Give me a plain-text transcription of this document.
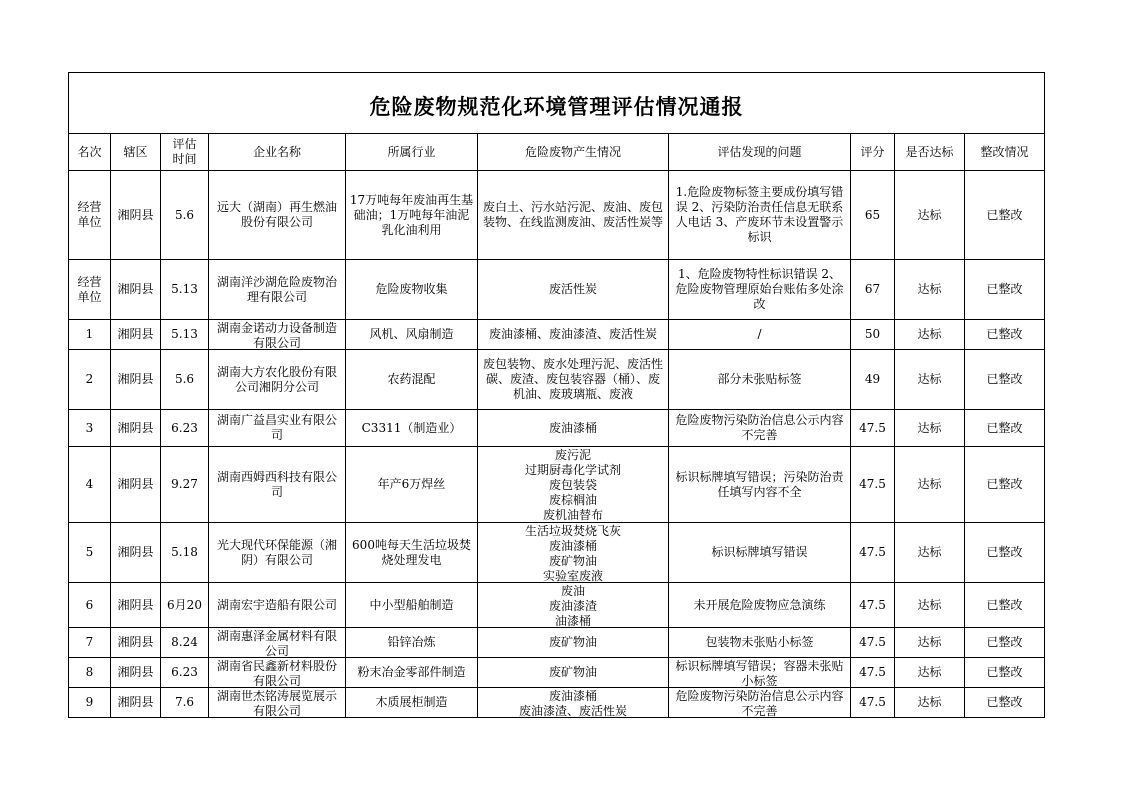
危险废物规范化环境管理评估情况通报									
名次	辖区	评估时间	企业名称	所属行业	危险废物产生情况	评估发现的问题	评分	是否达标	整改情况

经营单位	湘阴县	5.6	远大（湖南）再生燃油股份有限公司	17万吨每年废油再生基础油；1万吨每年油泥乳化油利用	废白土、污水站污泥、废油、废包装物、在线监测废油、废活性炭等	1.危险废物标签主要成份填写错误 2、污染防治责任信息无联系人电话 3、产废环节未设置警示标识	65	达标	已整改

经营单位	湘阴县	5.13	湖南洋沙湖危险废物治理有限公司	危险废物收集	废活性炭	1、危险废物特性标识错误 2、危险废物管理原始台账佑多处涂改	67	达标	已整改

1	湘阴县	5.13	湖南金诺动力设备制造有限公司	风机、风扇制造	废油漆桶、废油漆渣、废活性炭	/	50	达标	已整改

2	湘阴县	5.6	湖南大方农化股份有限公司湘阴分公司	农药混配	废包装物、废水处理污泥、废活性碳、废渣、废包装容器（桶）、废机油、废玻璃瓶、废液	部分未张贴标签	49	达标	已整改

3	湘阴县	6.23	湖南广益昌实业有限公司	C3311（制造业）	废油漆桶	危险废物污染防治信息公示内容不完善	47.5	达标	已整改

4	湘阴县	9.27	湖南西姆西科技有限公司	年产6万焊丝	废污泥
过期厨毒化学试剂
废包装袋
废棕榈油
废机油替布	标识标牌填写错误；污染防治责任填写内容不全	47.5	达标	已整改

5	湘阴县	5.18	光大现代环保能源（湘阴）有限公司	600吨每天生活垃圾焚烧处理发电	生活垃圾焚烧飞灰
废油漆桶
废矿物油
实验室废液	标识标牌填写错误	47.5	达标	已整改

6	湘阴县	6月20	湖南宏宇造船有限公司	中小型船舶制造	废油
废油漆渣
油漆桶	未开展危险废物应急演练	47.5	达标	已整改

7	湘阴县	8.24	湖南惠泽金属材料有限公司	铅锌冶炼	废矿物油	包装物未张贴小标签	47.5	达标	已整改

8	湘阴县	6.23	湖南省民鑫新材料股份有限公司	粉末冶金零部件制造	废矿物油	标识标牌填写错误；容器未张贴小标签	47.5	达标	已整改

9	湘阴县	7.6	湖南世杰铭涛展览展示有限公司	木质展柜制造	废油漆桶
废油漆渣、废活性炭	危险废物污染防治信息公示内容不完善	47.5	达标	已整改
